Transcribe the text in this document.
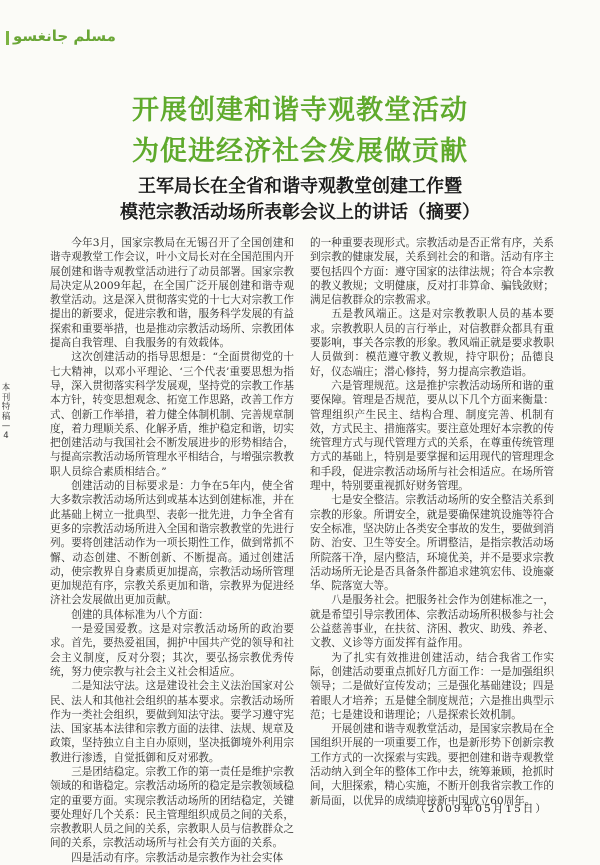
مسلم جانغسو
本刊特稿 —4
开展创建和谐寺观教堂活动
为促进经济社会发展做贡献
王军局长在全省和谐寺观教堂创建工作暨
模范宗教活动场所表彰会议上的讲话（摘要）

今年3月，国家宗教局在无锡召开了全国创建和谐寺观教堂工作会议，叶小文局长对在全国范围内开展创建和谐寺观教堂活动进行了动员部署。国家宗教局决定从2009年起，在全国广泛开展创建和谐寺观教堂活动。这是深入贯彻落实党的十七大对宗教工作提出的新要求，促进宗教和谐，服务科学发展的有益探索和重要举措，也是推动宗教活动场所、宗教团体提高自我管理、自我服务的有效载体。

这次创建活动的指导思想是：“全面贯彻党的十七大精神，以邓小平理论、‘三个代表’重要思想为指导，深入贯彻落实科学发展观，坚持党的宗教工作基本方针，转变思想观念、拓宽工作思路，改善工作方式、创新工作举措，着力健全体制机制、完善规章制度，着力理顺关系、化解矛盾，维护稳定和谐，切实把创建活动与我国社会不断发展进步的形势相结合，与提高宗教活动场所管理水平相结合，与增强宗教教职人员综合素质相结合。”

创建活动的目标要求是：力争在5年内，使全省大多数宗教活动场所达到或基本达到创建标准，并在此基础上树立一批典型、表彰一批先进，力争全省有更多的宗教活动场所进入全国和谐宗教教堂的先进行列。要将创建活动作为一项长期性工作，做到常抓不懈、动态创建、不断创新、不断提高。通过创建活动，使宗教界自身素质更加提高，宗教活动场所管理更加规范有序，宗教关系更加和谐，宗教界为促进经济社会发展做出更加贡献。

创建的具体标准为八个方面：

一是爱国爱教。这是对宗教活动场所的政治要求。首先，要热爱祖国，拥护中国共产党的领导和社会主义制度，反对分裂；其次，要弘扬宗教优秀传统，努力使宗教与社会主义社会相适应。

二是知法守法。这是建设社会主义法治国家对公民、法人和其他社会组织的基本要求。宗教活动场所作为一类社会组织，要做到知法守法。要学习遵守宪法、国家基本法律和宗教方面的法律、法规、规章及政策，坚持独立自主自办原则，坚决抵御境外利用宗教进行渗透，自觉抵御和反对邪教。

三是团结稳定。宗教工作的第一责任是维护宗教领域的和谐稳定。宗教活动场所的稳定是宗教领域稳定的重要方面。实现宗教活动场所的团结稳定，关键要处理好几个关系：民主管理组织成员之间的关系，宗教教职人员之间的关系，宗教职人员与信教群众之间的关系，宗教活动场所与社会有关方面的关系。

四是活动有序。宗教活动是宗教作为社会实体

的一种重要表现形式。宗教活动是否正常有序，关系到宗教的健康发展，关系到社会的和谐。活动有序主要包括四个方面：遵守国家的法律法规；符合本宗教的教义教规；文明健康，反对打非算命、骗钱敛财；满足信教群众的宗教需求。

五是教风端正。这是对宗教教职人员的基本要求。宗教教职人员的言行举止，对信教群众都具有重要影响，事关各宗教的形象。教风端正就是要求教职人员做到：模范遵守教义教规，持守职份；品德良好，仪态端庄；潜心修持，努力提高宗教造诣。

六是管理规范。这是推护宗教活动场所和谐的重要保障。管理是否规范，要从以下几个方面来衡量：管理组织产生民主、结构合理、制度完善、机制有效，方式民主、措施落实。要注意处理好本宗教的传统管理方式与现代管理方式的关系，在尊重传统管理方式的基础上，特别是要掌握和运用现代的管理理念和手段，促进宗教活动场所与社会相适应。在场所管理中，特别要重视抓好财务管理。

七是安全整洁。宗教活动场所的安全整洁关系到宗教的形象。所谓安全，就是要确保建筑设施等符合安全标准，坚决防止各类安全事故的发生，要做到消防、治安、卫生等安全。所谓整洁，是指宗教活动场所院落干净，屋内整洁，环境优美，并不是要求宗教活动场所无论是否具备条件都追求建筑宏伟、设施豪华、院落宽大等。

八是服务社会。把服务社会作为创建标准之一，就是希望引导宗教团体、宗教活动场所积极参与社会公益慈善事业，在扶贫、济困、教灾、助残、养老、文教、义诊等方面发挥有益作用。

为了扎实有效推进创建活动，结合我省工作实际，创建活动要重点抓好几方面工作：一是加强组织领导；二是做好宣传发动；三是强化基础建设；四是着眼人才培养；五是健全制度规范；六是推出典型示范；七是建设和谐理论；八是探索长效机制。

开展创建和谐寺观教堂活动，是国家宗教局在全国组织开展的一项重要工作，也是新形势下创新宗教工作方式的一次探索与实践。要把创建和谐寺观教堂活动纳入到全年的整体工作中去，统筹兼顾，抢抓时间，大胆探索，精心实施，不断开创我省宗教工作的新局面，以优异的成绩迎接新中国成立60周年。

（2009年05月15日）
